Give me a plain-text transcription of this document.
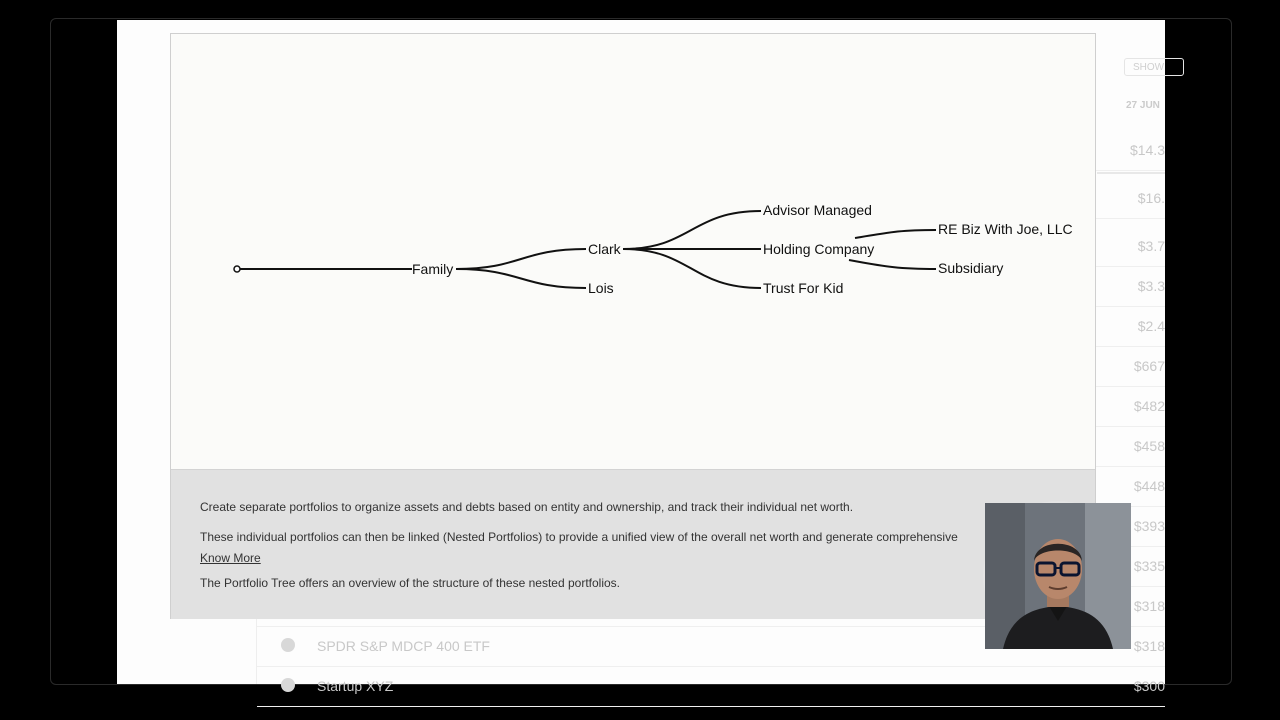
SHOW
27 JUN
$14.3
$16.
$3.7
$3.3
$2.4
$667
$482
$458
$448
$393
$335
$318
SPDR S&P MDCP 400 ETF	$318
Startup XYZ	$300
Family
Clark
Lois
Advisor Managed
Holding Company
Trust For Kid
RE Biz With Joe, LLC
Subsidiary

Create separate portfolios to organize assets and debts based on entity and ownership, and track their individual net worth.

These individual portfolios can then be linked (Nested Portfolios) to provide a unified view of the overall net worth and generate comprehensive

Know More

The Portfolio Tree offers an overview of the structure of these nested portfolios.
